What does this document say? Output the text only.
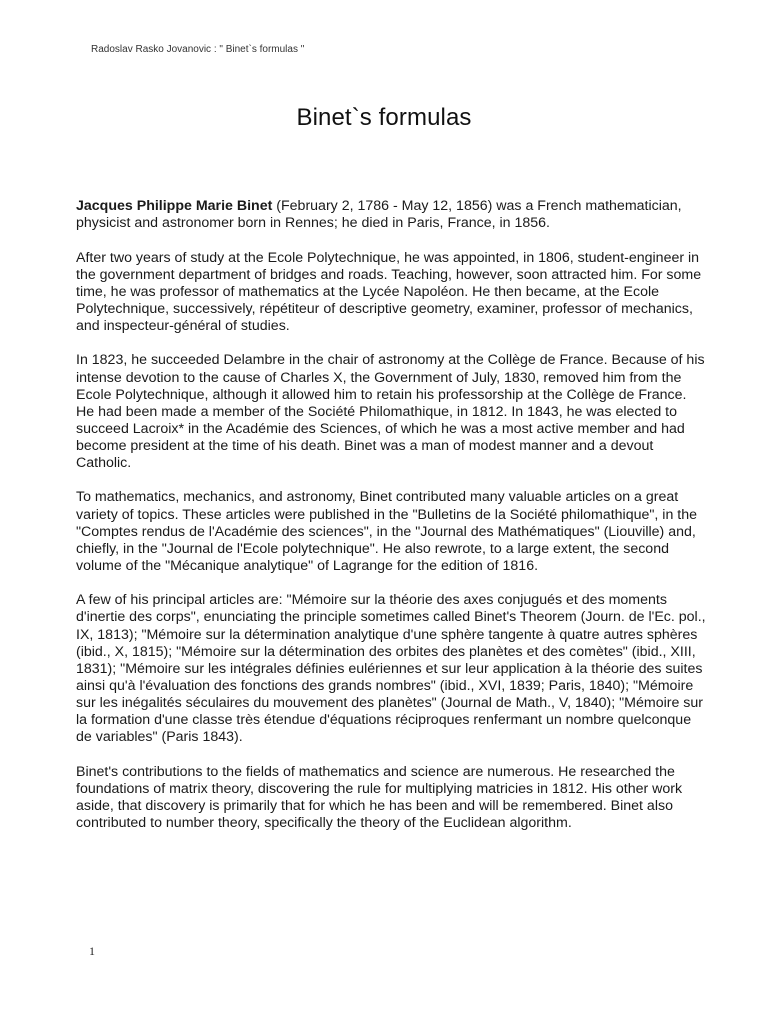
Radoslav Rasko Jovanovic : " Binet`s formulas "
Binet`s formulas

Jacques Philippe Marie Binet (February 2, 1786 - May 12, 1856) was a French mathematician, physicist and astronomer born in Rennes; he died in Paris, France, in 1856.

After two years of study at the Ecole Polytechnique, he was appointed, in 1806, student-engineer in the government department of bridges and roads. Teaching, however, soon attracted him. For some time, he was professor of mathematics at the Lycée Napoléon. He then became, at the Ecole Polytechnique, successively, répétiteur of descriptive geometry, examiner, professor of mechanics, and inspecteur-général of studies.

In 1823, he succeeded Delambre in the chair of astronomy at the Collège de France. Because of his intense devotion to the cause of Charles X, the Government of July, 1830, removed him from the Ecole Polytechnique, although it allowed him to retain his professorship at the Collège de France. He had been made a member of the Société Philomathique, in 1812. In 1843, he was elected to succeed Lacroix* in the Académie des Sciences, of which he was a most active member and had become president at the time of his death. Binet was a man of modest manner and a devout Catholic.

To mathematics, mechanics, and astronomy, Binet contributed many valuable articles on a great variety of topics. These articles were published in the "Bulletins de la Société philomathique", in the "Comptes rendus de l'Académie des sciences", in the "Journal des Mathématiques" (Liouville) and, chiefly, in the "Journal de l'Ecole polytechnique". He also rewrote, to a large extent, the second volume of the "Mécanique analytique" of Lagrange for the edition of 1816.

A few of his principal articles are: "Mémoire sur la théorie des axes conjugués et des moments d'inertie des corps", enunciating the principle sometimes called Binet's Theorem (Journ. de l'Ec. pol., IX, 1813); "Mémoire sur la détermination analytique d'une sphère tangente à quatre autres sphères (ibid., X, 1815); "Mémoire sur la détermination des orbites des planètes et des comètes" (ibid., XIII, 1831); "Mémoire sur les intégrales définies eulériennes et sur leur application à la théorie des suites ainsi qu'à l'évaluation des fonctions des grands nombres" (ibid., XVI, 1839; Paris, 1840); "Mémoire sur les inégalités séculaires du mouvement des planètes" (Journal de Math., V, 1840); "Mémoire sur la formation d'une classe très étendue d'équations réciproques renfermant un nombre quelconque de variables" (Paris 1843).

Binet's contributions to the fields of mathematics and science are numerous. He researched the foundations of matrix theory, discovering the rule for multiplying matricies in 1812. His other work aside, that discovery is primarily that for which he has been and will be remembered. Binet also contributed to number theory, specifically the theory of the Euclidean algorithm.

1
